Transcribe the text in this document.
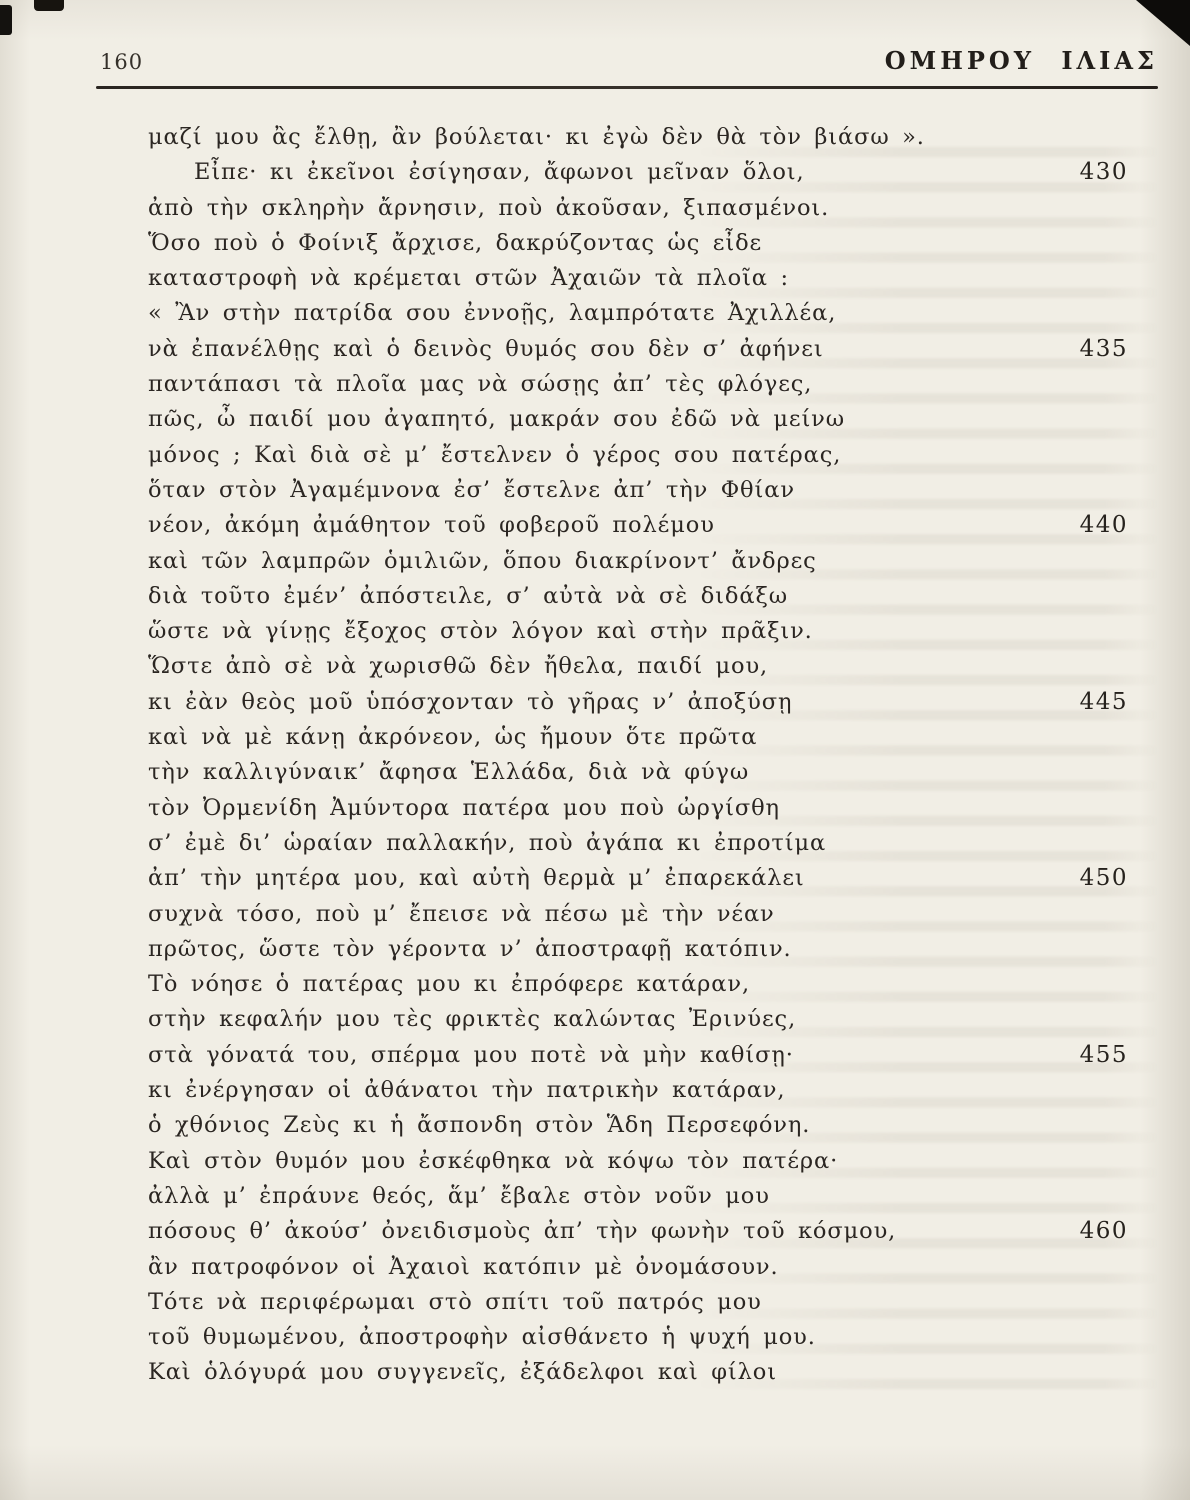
160	ΟΜΗΡΟΥ ΙΛΙΑΣ
μαζί μου ἂς ἔλθῃ, ἂν βούλεται· κι ἐγὼ δὲν θὰ τὸν βιάσω ».
Εἶπε· κι ἐκεῖνοι ἐσίγησαν, ἄφωνοι μεῖναν ὅλοι,	430
ἀπὸ τὴν σκληρὴν ἄρνησιν, ποὺ ἀκοῦσαν, ξιπασμένοι.
Ὅσο ποὺ ὁ Φοίνιξ ἄρχισε, δακρύζοντας ὡς εἶδε
καταστροφὴ νὰ κρέμεται στῶν Ἀχαιῶν τὰ πλοῖα :
« Ἂν στὴν πατρίδα σου ἐννοῇς, λαμπρότατε Ἀχιλλέα,
νὰ ἐπανέλθῃς καὶ ὁ δεινὸς θυμός σου δὲν σ’ ἀφήνει	435
παντάπασι τὰ πλοῖα μας νὰ σώσῃς ἀπ’ τὲς φλόγες,
πῶς, ὦ παιδί μου ἀγαπητό, μακράν σου ἐδῶ νὰ μείνω
μόνος ; Καὶ διὰ σὲ μ’ ἔστελνεν ὁ γέρος σου πατέρας,
ὅταν στὸν Ἀγαμέμνονα ἐσ’ ἔστελνε ἀπ’ τὴν Φθίαν
νέον, ἀκόμη ἀμάθητον τοῦ φοβεροῦ πολέμου	440
καὶ τῶν λαμπρῶν ὁμιλιῶν, ὅπου διακρίνοντ’ ἄνδρες
διὰ τοῦτο ἐμέν’ ἀπόστειλε, σ’ αὐτὰ νὰ σὲ διδάξω
ὥστε νὰ γίνῃς ἔξοχος στὸν λόγον καὶ στὴν πρᾶξιν.
Ὥστε ἀπὸ σὲ νὰ χωρισθῶ δὲν ἤθελα, παιδί μου,
κι ἐὰν θεὸς μοῦ ὑπόσχονταν τὸ γῆρας ν’ ἀποξύσῃ	445
καὶ νὰ μὲ κάνῃ ἀκρόνεον, ὡς ἤμουν ὅτε πρῶτα
τὴν καλλιγύναικ’ ἄφησα Ἑλλάδα, διὰ νὰ φύγω
τὸν Ὀρμενίδη Ἀμύντορα πατέρα μου ποὺ ὠργίσθη
σ’ ἐμὲ δι’ ὡραίαν παλλακήν, ποὺ ἀγάπα κι ἐπροτίμα
ἀπ’ τὴν μητέρα μου, καὶ αὐτὴ θερμὰ μ’ ἐπαρεκάλει	450
συχνὰ τόσο, ποὺ μ’ ἔπεισε νὰ πέσω μὲ τὴν νέαν
πρῶτος, ὥστε τὸν γέροντα ν’ ἀποστραφῇ κατόπιν.
Τὸ νόησε ὁ πατέρας μου κι ἐπρόφερε κατάραν,
στὴν κεφαλήν μου τὲς φρικτὲς καλώντας Ἐρινύες,
στὰ γόνατά του, σπέρμα μου ποτὲ νὰ μὴν καθίσῃ·	455
κι ἐνέργησαν οἱ ἀθάνατοι τὴν πατρικὴν κατάραν,
ὁ χθόνιος Ζεὺς κι ἡ ἄσπονδη στὸν Ἅδη Περσεφόνη.
Καὶ στὸν θυμόν μου ἐσκέφθηκα νὰ κόψω τὸν πατέρα·
ἀλλὰ μ’ ἐπράυνε θεός, ἅμ’ ἔβαλε στὸν νοῦν μου
πόσους θ’ ἀκούσ’ ὀνειδισμοὺς ἀπ’ τὴν φωνὴν τοῦ κόσμου,	460
ἂν πατροφόνον οἱ Ἀχαιοὶ κατόπιν μὲ ὀνομάσουν.
Τότε νὰ περιφέρωμαι στὸ σπίτι τοῦ πατρός μου
τοῦ θυμωμένου, ἀποστροφὴν αἰσθάνετο ἡ ψυχή μου.
Καὶ ὁλόγυρά μου συγγενεῖς, ἐξάδελφοι καὶ φίλοι
